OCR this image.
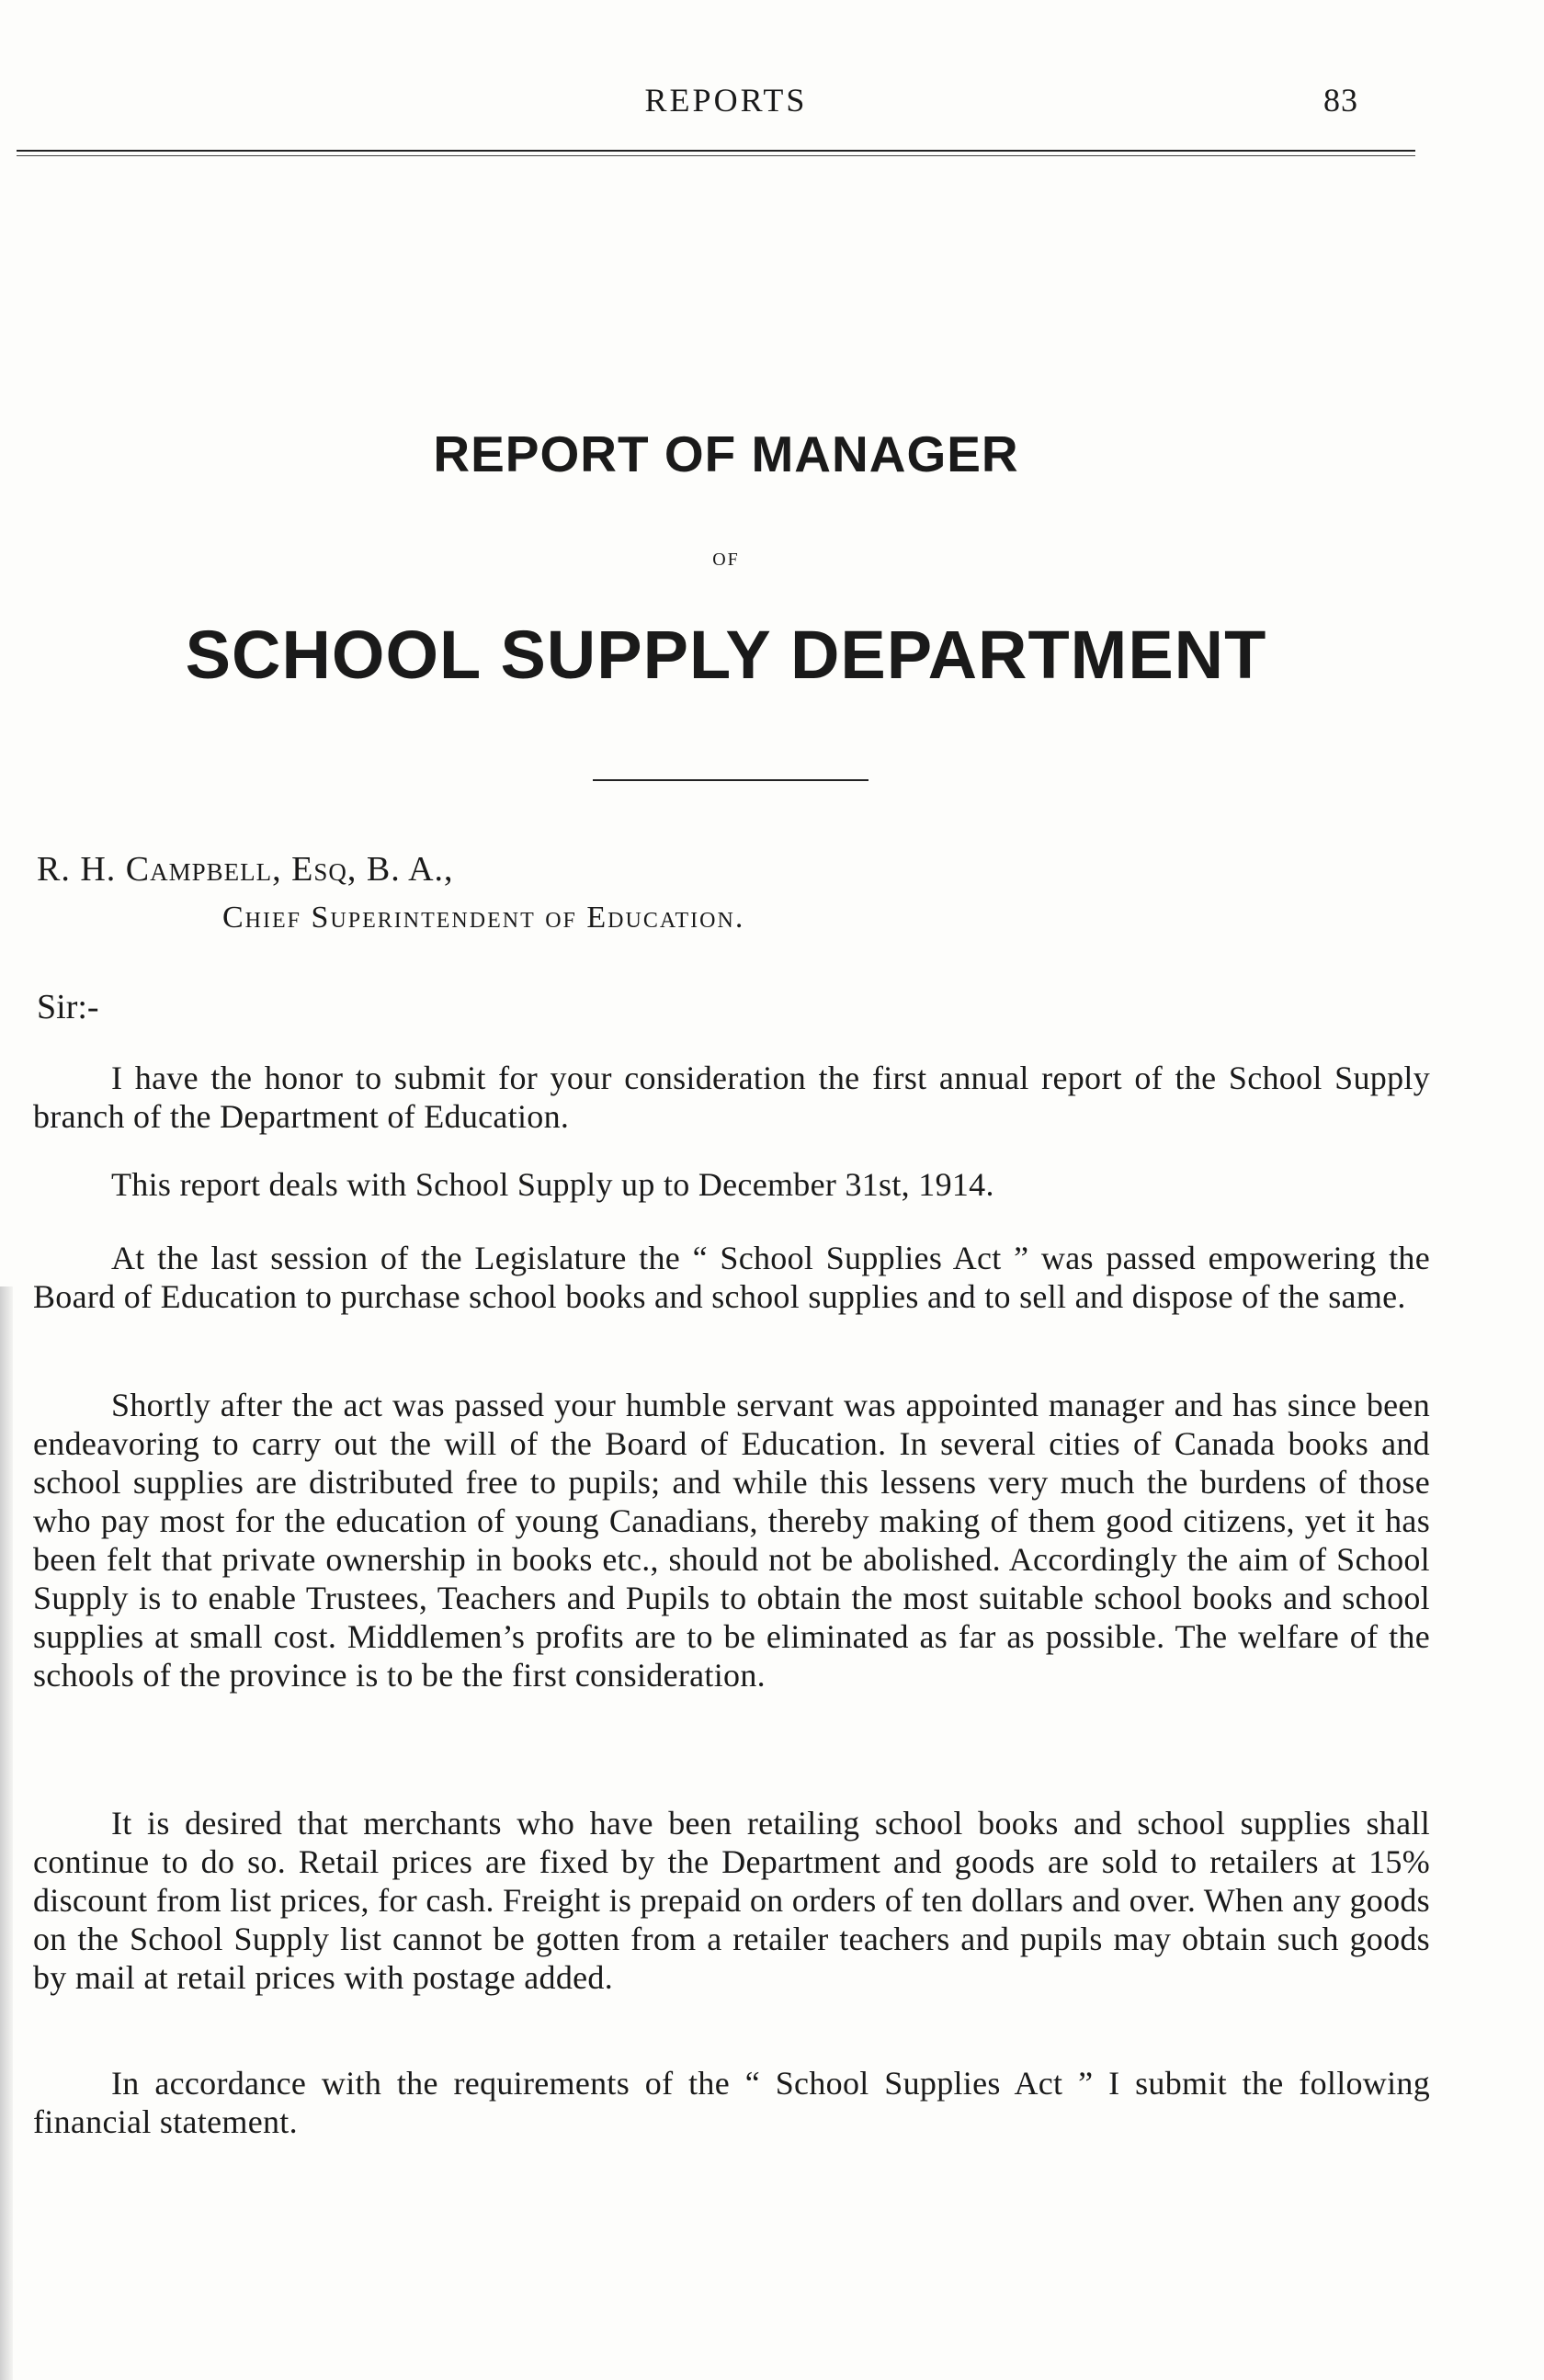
REPORTS	83
REPORT OF MANAGER
OF
SCHOOL SUPPLY DEPARTMENT
R. H. Campbell, Esq, B. A.,
Chief Superintendent of Education.
Sir:-

I have the honor to submit for your consideration the first annual report of the School Supply branch of the Department of Education.

This report deals with School Supply up to December 31st, 1914.

At the last session of the Legislature the “ School Supplies Act ” was passed empowering the Board of Education to purchase school books and school supplies and to sell and dispose of the same.

Shortly after the act was passed your humble servant was appointed manager and has since been endeavoring to carry out the will of the Board of Education. In several cities of Canada books and school supplies are distributed free to pupils; and while this lessens very much the burdens of those who pay most for the education of young Canadians, thereby making of them good citizens, yet it has been felt that private ownership in books etc., should not be abolished. Accordingly the aim of School Supply is to enable Trustees, Teachers and Pupils to obtain the most suitable school books and school supplies at small cost. Middlemen’s profits are to be eliminated as far as possible. The welfare of the schools of the province is to be the first consideration.

It is desired that merchants who have been retailing school books and school supplies shall continue to do so. Retail prices are fixed by the Department and goods are sold to retailers at 15% discount from list prices, for cash. Freight is prepaid on orders of ten dollars and over. When any goods on the School Supply list cannot be gotten from a retailer teachers and pupils may obtain such goods by mail at retail prices with postage added.

In accordance with the requirements of the “ School Supplies Act ” I submit the following financial statement.
